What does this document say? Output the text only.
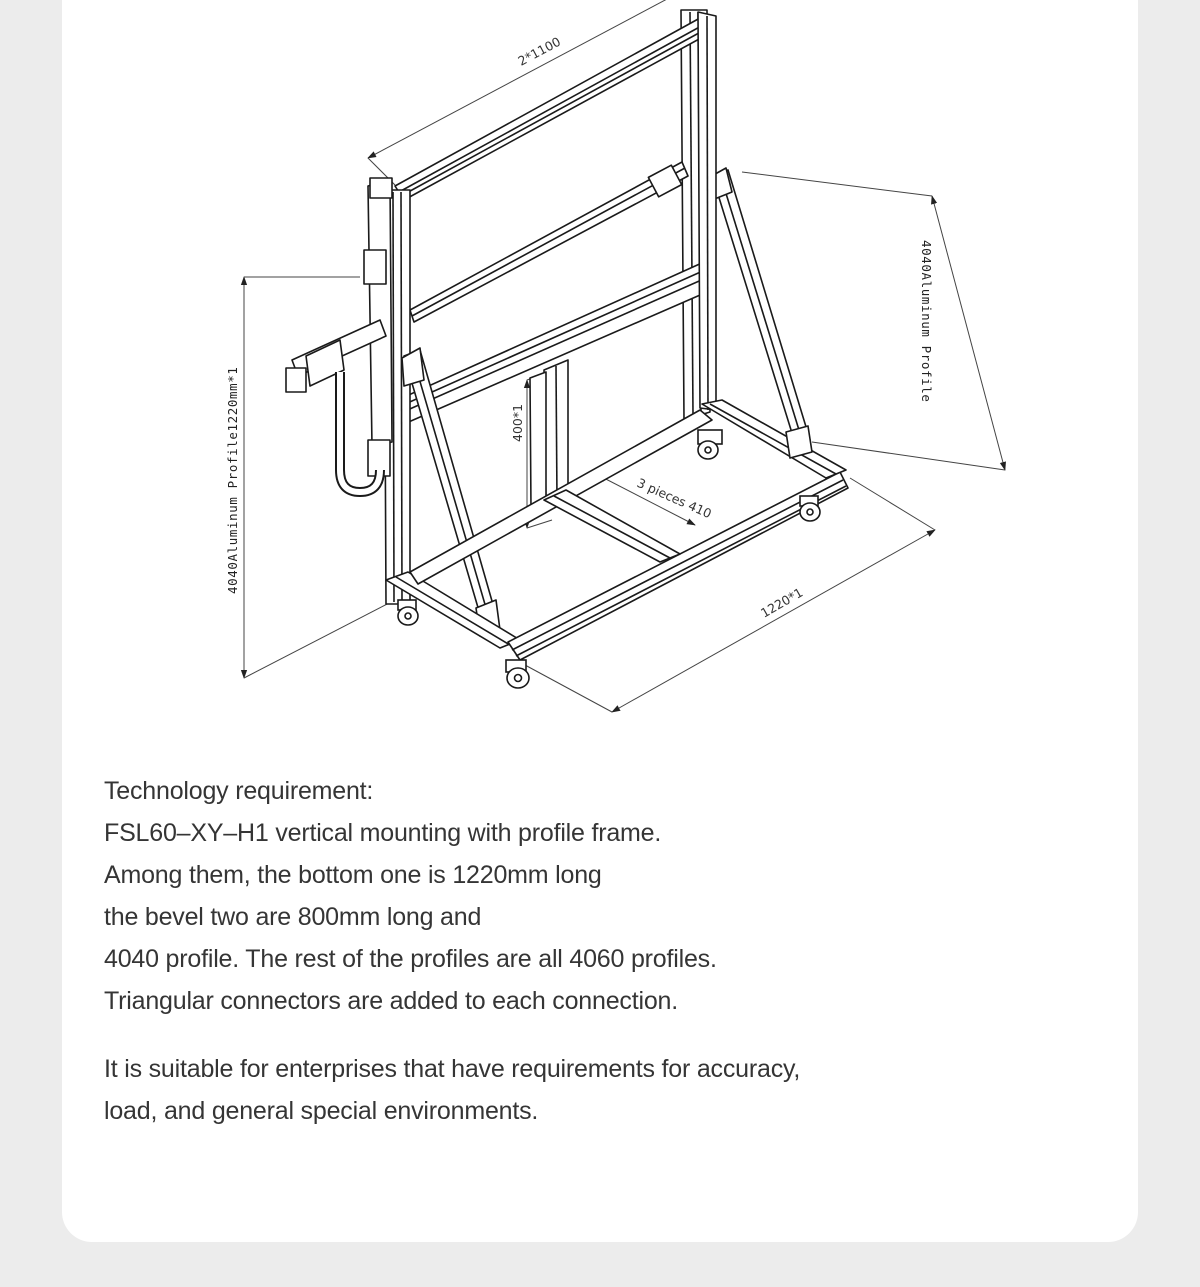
2*1100
400*1
3 pieces 410
1220*1
4040Aluminum Profile1220mm*1
4040Aluminum Profile

Technology requirement:
FSL60–XY–H1 vertical mounting with profile frame.
Among them, the bottom one is 1220mm long
the bevel two are 800mm long and
4040 profile. The rest of the profiles are all 4060 profiles.
Triangular connectors are added to each connection.

It is suitable for enterprises that have requirements for accuracy,
load, and general special environments.
